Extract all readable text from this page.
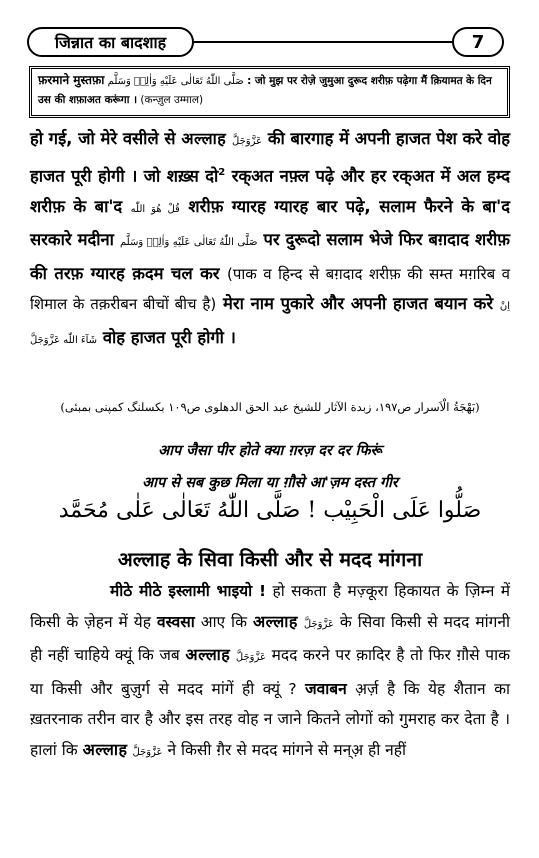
जिन्नात का बादशाह	7
फ़रमाने मुस्तफ़ा صَلَّى اللّٰهُ تَعَالٰی عَلَیْهِ وَاٰلِهٖ وَسَلَّم : जो मुझ पर रोज़े जुमुआ दुरूद शरीफ़ पढ़ेगा मैं क़ियामत के दिन उस की शफ़ाअत करूंगा । (कन्ज़ुल उम्माल)
हो गई, जो मेरे वसीले से अल्लाह عَزَّوَجَلَّ की बारगाह में अपनी हाजत पेश करे वोह हाजत पूरी होगी । जो शख़्स दो$^2$ रक्अत नफ़्ल पढ़े और हर रक्अत में अल हम्द शरीफ़ के बा'द قُلْ هُوَ اللّٰه शरीफ़ ग्यारह ग्यारह बार पढ़े, सलाम फैरने के बा'द सरकारे मदीना صَلَّى اللّٰهُ تَعَالٰی عَلَیْهِ وَاٰلِهٖ وَسَلَّم पर दुरूदो सलाम भेजे फिर बग़दाद शरीफ़ की तरफ़ ग्यारह क़दम चल कर (पाक व हिन्द से बग़दाद शरीफ़ की सम्त मग़रिब व शिमाल के तक़रीबन बीचों बीच है) मेरा नाम पुकारे और अपनी हाजत बयान करे اِنْ شَآءَ اللّٰه عَزَّوَجَلَّ वोह हाजत पूरी होगी ।
(بَهْجَةُ الْاَسرار ص١٩٧، زبدة الآثار للشيخ عبد الحق الدهلوی ص١٠٩ بکسلنگ کمپنی بمبئی)
आप जैसा पीर होते क्या ग़रज़ दर दर फिरूं
आप से सब कुछ मिला या ग़ौसे आ'ज़म दस्त गीर
صَلُّوا عَلَی الْحَبِیْب ! صَلَّی اللّٰهُ تَعَالٰی عَلٰی مُحَمَّد
अल्लाह के सिवा किसी और से मदद मांगना
मीठे मीठे इस्लामी भाइयो ! हो सकता है मज़्कूरा हिकायत के ज़िम्न में किसी के ज़ेहन में येह वस्वसा आए कि अल्लाह عَزَّوَجَلَّ के सिवा किसी से मदद मांगनी ही नहीं चाहिये क्यूं कि जब अल्लाह عَزَّوَجَلَّ मदद करने पर क़ादिर है तो फिर ग़ौसे पाक या किसी और बुज़ुर्ग से मदद मांगें ही क्यूं ? जवाबन अ़र्ज़ है कि येह शैतान का ख़तरनाक तरीन वार है और इस तरह वोह न जाने कितने लोगों को गुमराह कर देता है । हालां कि अल्लाह عَزَّوَجَلَّ ने किसी ग़ैर से मदद मांगने से मन्अ़ ही नहीं
